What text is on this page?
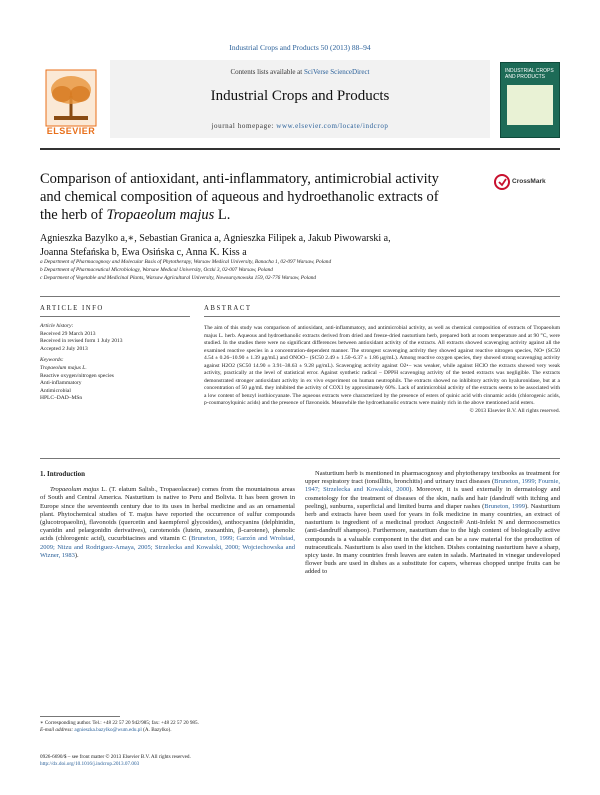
Industrial Crops and Products 50 (2013) 88–94
ELSEVIER
Contents lists available at SciVerse ScienceDirect
Industrial Crops and Products
journal homepage: www.elsevier.com/locate/indcrop
INDUSTRIAL CROPS AND PRODUCTS
Comparison of antioxidant, anti-inflammatory, antimicrobial activity
and chemical composition of aqueous and hydroethanolic extracts of
the herb of Tropaeolum majus L.
CrossMark
Agnieszka Bazylko a,∗, Sebastian Granica a, Agnieszka Filipek a, Jakub Piwowarski a,
Joanna Stefańska b, Ewa Osińska c, Anna K. Kiss a
a Department of Pharmacognosy and Molecular Basis of Phytotherapy, Warsaw Medical University, Banacha 1, 02-097 Warsaw, Poland
b Department of Pharmaceutical Microbiology, Warsaw Medical University, Oczki 3, 02-007 Warsaw, Poland
c Department of Vegetable and Medicinal Plants, Warsaw Agricultural University, Nowoursynowska 159, 02-776 Warsaw, Poland
ARTICLE INFO	ABSTRACT
Article history:
Received 29 March 2013
Received in revised form 1 July 2013
Accepted 2 July 2013
Keywords:
Tropaeolum majus L.
Reactive oxygen/nitrogen species
Anti-inflammatory
Antimicrobial
HPLC–DAD–MSn

The aim of this study was comparison of antioxidant, anti-inflammatory, and antimicrobial activity, as well as chemical composition of extracts of Tropaeolum majus L. herb. Aqueous and hydroethanolic extracts derived from dried and freeze-dried nasturtium herb, prepared both at room temperature and at 90 °C, were studied. In the studies there were no significant differences between antioxidant activity of the extracts. All extracts showed scavenging activity against all the examined reactive species in a concentration-dependent manner. The strongest scavenging activity they showed against reactive nitrogen species, NO• (SC50 4.54 ± 0.26–10.90 ± 1.39 μg/mL) and ONOO− (SC50 2.49 ± 1.50–6.37 ± 1.86 μg/mL). Among reactive oxygen species, they showed strong scavenging activity against H2O2 (SC50 14.90 ± 3.91–38.63 ± 9.28 μg/mL). Scavenging activity against O2•− was weaker, while against HClO the extracts showed very weak activity, practically at the level of statistical error. Against synthetic radical – DPPH scavenging activity of the tested extracts was negligible. The extracts demonstrated stronger antioxidant activity in ex vivo experiment on human neutrophils. The extracts showed no inhibitory activity on hyaluronidase, but at a concentration of 50 μg/mL they inhibited the activity of COX1 by approximately 60%. Lack of antimicrobial activity of the extracts seems to be associated with a low content of benzyl isothiocyanate. The aqueous extracts were characterized by the presence of esters of quinic acid with cinnamic acids (chlorogenic acids, p-coumaroylquinic acids) and the presence of flavonoids. Meanwhile the hydroethanolic extracts were mainly rich in the above mentioned acid esters.

© 2013 Elsevier B.V. All rights reserved.

1. Introduction

Tropaeolum majus L. (T. elatum Salisb., Tropaeolaceae) comes from the mountainous areas of South and Central America. Nasturtium is native to Peru and Bolivia. It has been grown in Europe since the seventeenth century due to its uses in herbal medicine and as an ornamental plant. Phytochemical studies of T. majus have reported the occurrence of sulfur compounds (glucotropaeolin), flavonoids (quercetin and kaempferol glycosides), anthocyanins (delphinidin, cyanidin and pelargonidin derivatives), carotenoids (lutein, zeaxanthin, β-carotene), phenolic acids (chlorogenic acid), cucurbitacines and vitamin C (Bruneton, 1999; Garzón and Wrolstad, 2009; Niizu and Rodriguez-Amaya, 2005; Strzelecka and Kowalski, 2000; Wojciechowska and Wizner, 1983).

Nasturtium herb is mentioned in pharmacognosy and phytotherapy textbooks as treatment for upper respiratory tract (tonsillitis, bronchitis) and urinary tract diseases (Bruneton, 1999; Fournie, 1947; Strzelecka and Kowalski, 2000). Moreover, it is used externally in dermatology and cosmetology for the treatment of diseases of the skin, nails and hair (dandruff with itching and peeling), sunburns, superficial and limited burns and diaper rashes (Bruneton, 1999). Nasturtium herb and extracts have been used for years in folk medicine in many countries, an extract of nasturtium is ingredient of a medicinal product Angocin® Anti-Infekt N and dermocosmetics (anti-dandruff shampoo). Furthermore, nasturtium due to the high content of biologically active compounds is a valuable component in the diet and can be a raw material for the production of nutraceuticals. Nasturtium is also used in the kitchen. Dishes containing nasturtium have a sharp, spicy taste. In many countries fresh leaves are eaten in salads. Marinated in vinegar undeveloped flower buds are used in dishes as a substitute for capers, whereas chopped unripe fruits can be added to

∗ Corresponding author. Tel.: +48 22 57 20 942/985; fax: +48 22 57 20 985.
E-mail address: agnieszka.bazylko@wum.edu.pl (A. Bazylko).
0926-6690/$ – see front matter © 2013 Elsevier B.V. All rights reserved.
http://dx.doi.org/10.1016/j.indcrop.2013.07.003
